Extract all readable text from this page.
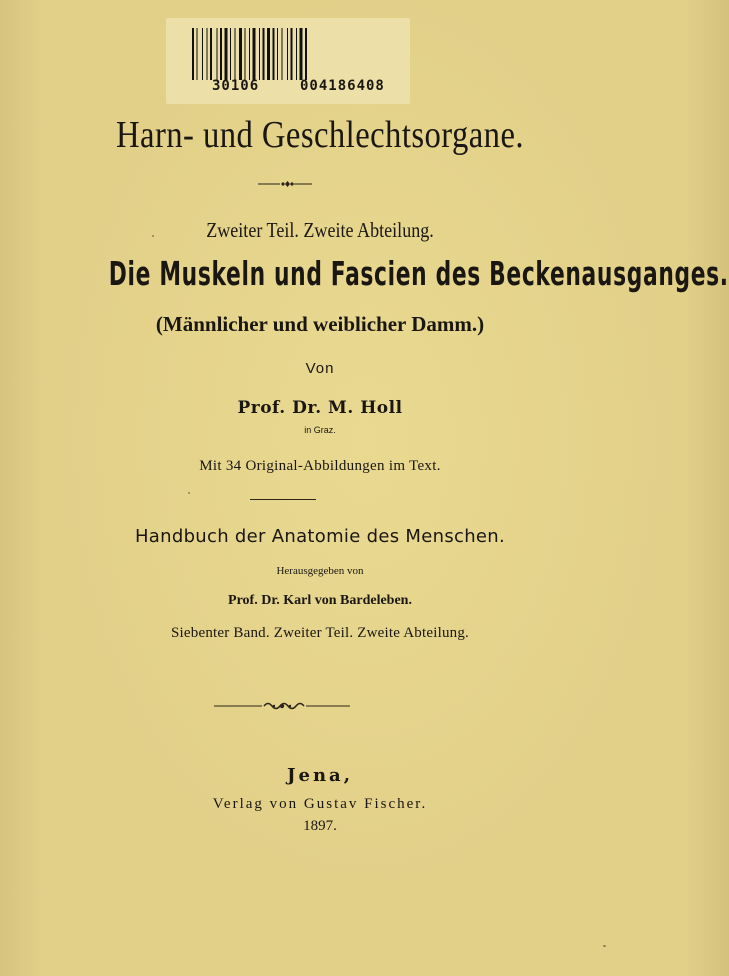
30106	004186408
Harn- und Geschlechtsorgane.
Zweiter Teil. Zweite Abteilung.
Die Muskeln und Fascien des Beckenausganges.
(Männlicher und weiblicher Damm.)
Von
Prof. Dr. M. Holl
in Graz.
Mit 34 Original-Abbildungen im Text.
Handbuch der Anatomie des Menschen.
Herausgegeben von
Prof. Dr. Karl von Bardeleben.
Siebenter Band. Zweiter Teil. Zweite Abteilung.
Jena,
Verlag von Gustav Fischer.
1897.
